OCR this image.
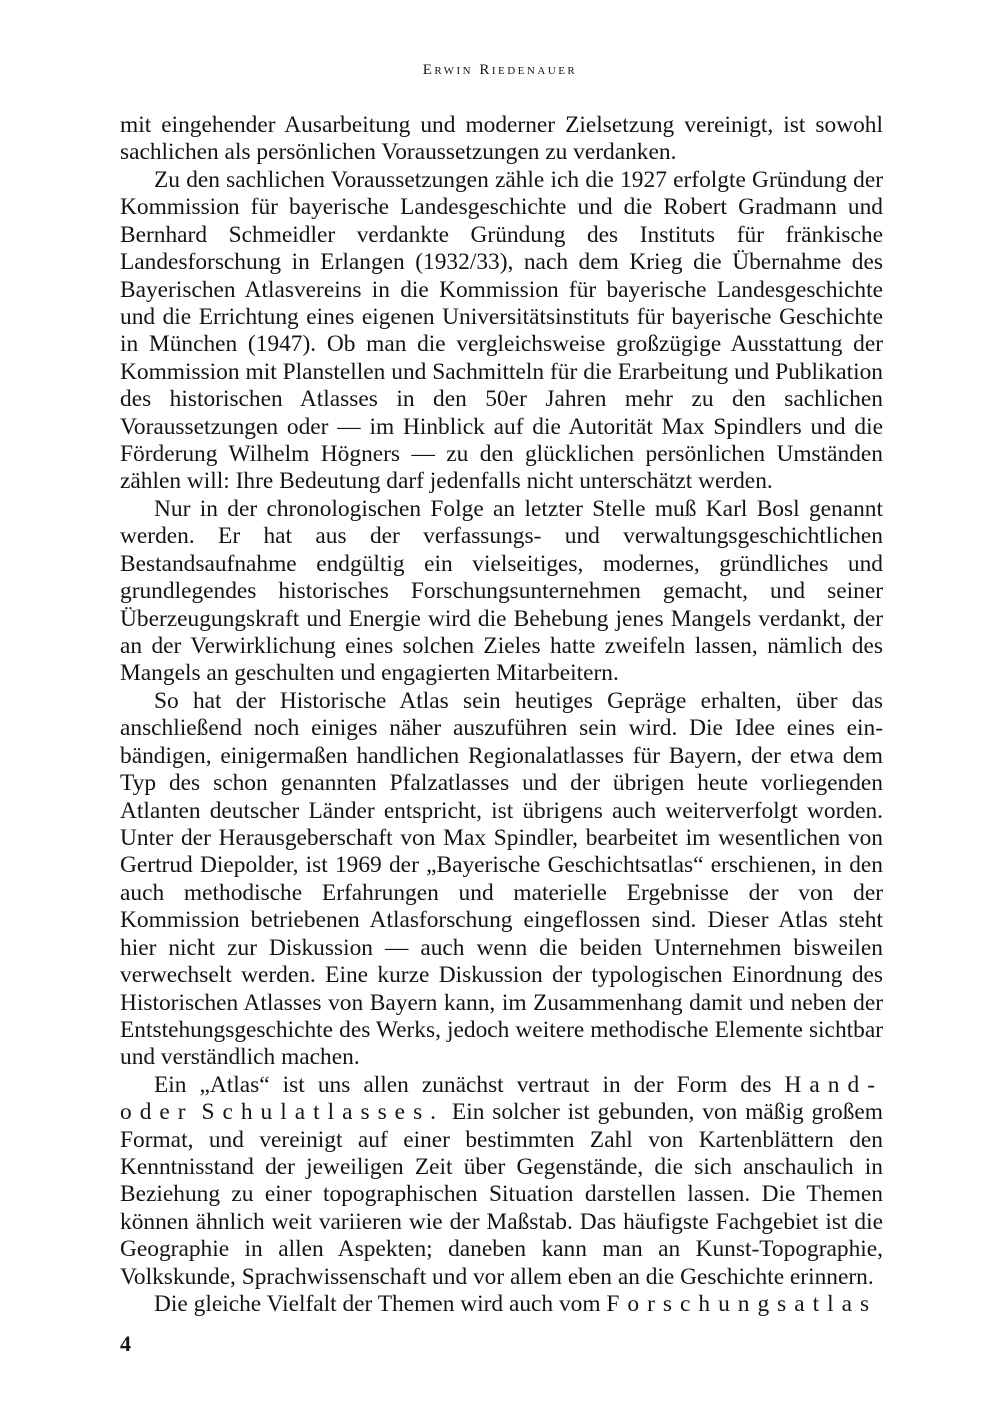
Erwin Riedenauer

mit eingehender Ausarbeitung und moderner Zielsetzung vereinigt, ist sowohl sachlichen als persönlichen Voraussetzungen zu verdanken.

Zu den sachlichen Voraussetzungen zähle ich die 1927 erfolgte Gründung der Kommission für bayerische Landesgeschichte und die Robert Gradmann und Bernhard Schmeidler verdankte Gründung des Instituts für fränkische Landesforschung in Erlangen (1932/33), nach dem Krieg die Übernahme des Bayerischen Atlasvereins in die Kommission für bayerische Landesgeschichte und die Errichtung eines eigenen Universitätsinstituts für bayerische Geschichte in München (1947). Ob man die vergleichsweise großzügige Ausstattung der Kommission mit Planstellen und Sachmitteln für die Erarbeitung und Publikation des historischen Atlasses in den 50er Jahren mehr zu den sachlichen Voraussetzungen oder — im Hinblick auf die Autorität Max Spindlers und die Förderung Wilhelm Högners — zu den glücklichen persönlichen Umständen zählen will: Ihre Bedeutung darf jedenfalls nicht unterschätzt werden.

Nur in der chronologischen Folge an letzter Stelle muß Karl Bosl genannt werden. Er hat aus der verfassungs- und verwaltungsgeschichtlichen Bestandsaufnahme endgültig ein vielseitiges, modernes, gründliches und grundlegendes historisches Forschungsunternehmen gemacht, und seiner Überzeugungskraft und Energie wird die Behebung jenes Mangels verdankt, der an der Verwirklichung eines solchen Zieles hatte zweifeln lassen, nämlich des Mangels an geschulten und engagierten Mitarbeitern.

So hat der Historische Atlas sein heutiges Gepräge erhalten, über das anschließend noch einiges näher auszuführen sein wird. Die Idee eines einbändigen, einigermaßen handlichen Regionalatlasses für Bayern, der etwa dem Typ des schon genannten Pfalzatlasses und der übrigen heute vorliegenden Atlanten deutscher Länder entspricht, ist übrigens auch weiterverfolgt worden. Unter der Herausgeberschaft von Max Spindler, bearbeitet im wesentlichen von Gertrud Diepolder, ist 1969 der „Bayerische Geschichtsatlas“ erschienen, in den auch methodische Erfahrungen und materielle Ergebnisse der von der Kommission betriebenen Atlasforschung eingeflossen sind. Dieser Atlas steht hier nicht zur Diskussion — auch wenn die beiden Unternehmen bisweilen verwechselt werden. Eine kurze Diskussion der typologischen Einordnung des Historischen Atlasses von Bayern kann, im Zusammenhang damit und neben der Entstehungsgeschichte des Werks, jedoch weitere methodische Elemente sichtbar und verständlich machen.

Ein „Atlas“ ist uns allen zunächst vertraut in der Form des Hand- oder Schulatlasses. Ein solcher ist gebunden, von mäßig großem Format, und vereinigt auf einer bestimmten Zahl von Kartenblättern den Kenntnisstand der jeweiligen Zeit über Gegenstände, die sich anschaulich in Beziehung zu einer topographischen Situation darstellen lassen. Die Themen können ähnlich weit variieren wie der Maßstab. Das häufigste Fachgebiet ist die Geographie in allen Aspekten; daneben kann man an Kunst-Topographie, Volkskunde, Sprachwissenschaft und vor allem eben an die Geschichte erinnern.

Die gleiche Vielfalt der Themen wird auch vom Forschungsatlas

4
